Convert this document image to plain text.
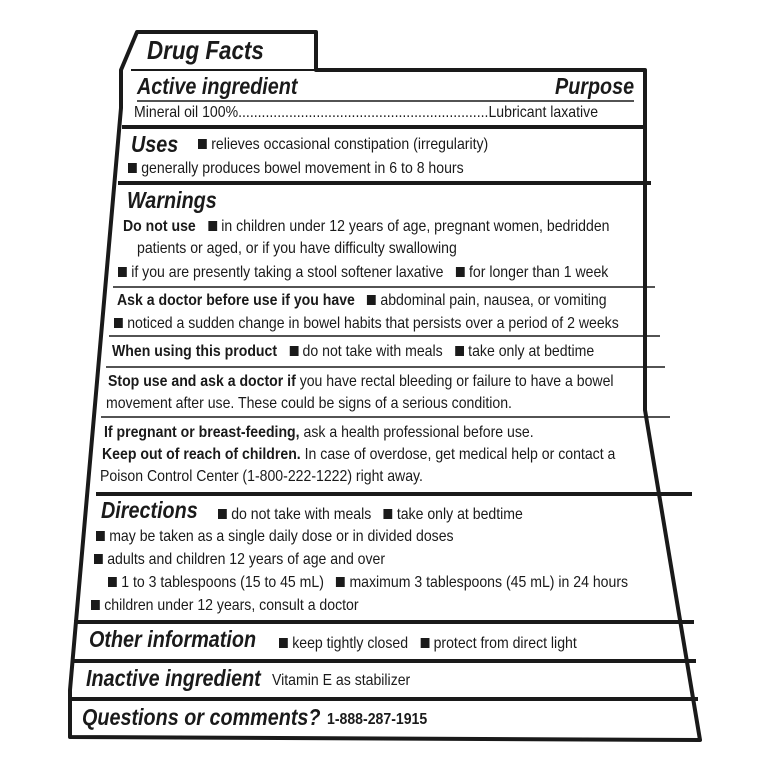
Drug Facts
Active ingredient	Purpose
Mineral oil 100%................................................................Lubricant laxative
Uses	relieves occasional constipation (irregularity)
generally produces bowel movement in 6 to 8 hours
Warnings
Do not use in children under 12 years of age, pregnant women, bedridden
patients or aged, or if you have difficulty swallowing
if you are presently taking a stool softener laxative for longer than 1 week
Ask a doctor before use if you have abdominal pain, nausea, or vomiting
noticed a sudden change in bowel habits that persists over a period of 2 weeks
When using this product do not take with meals take only at bedtime
Stop use and ask a doctor if you have rectal bleeding or failure to have a bowel
movement after use. These could be signs of a serious condition.
If pregnant or breast-feeding, ask a health professional before use.
Keep out of reach of children. In case of overdose, get medical help or contact a
Poison Control Center (1-800-222-1222) right away.
Directions	do not take with meals take only at bedtime
may be taken as a single daily dose or in divided doses
adults and children 12 years of age and over
1 to 3 tablespoons (15 to 45 mL) maximum 3 tablespoons (45 mL) in 24 hours
children under 12 years, consult a doctor
Other information	keep tightly closed protect from direct light
Inactive ingredient Vitamin E as stabilizer
Questions or comments? 1-888-287-1915
